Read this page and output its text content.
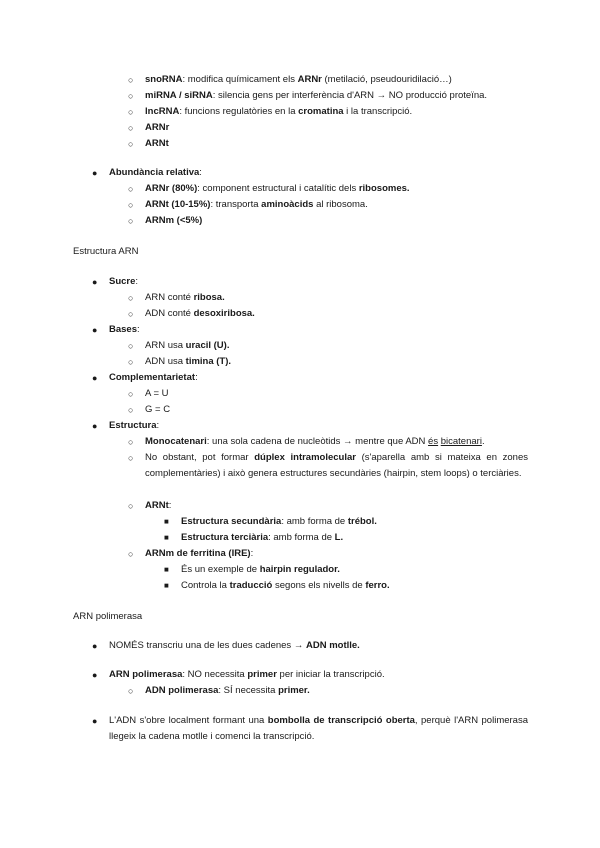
○ snoRNA: modifica químicament els ARNr (metilació, pseudouridilació…)
○ miRNA / siRNA: silencia gens per interferència d'ARN → NO producció proteïna.
○ lncRNA: funcions regulatòries en la cromatina i la transcripció.
○ ARNr
○ ARNt
● Abundància relativa:
○ ARNr (80%): component estructural i catalític dels ribosomes.
○ ARNt (10-15%): transporta aminoàcids al ribosoma.
○ ARNm (<5%)
Estructura ARN
● Sucre:
○ ARN conté ribosa.
○ ADN conté desoxiribosa.
● Bases:
○ ARN usa uracil (U).
○ ADN usa timina (T).
● Complementarietat:
○ A = U
○ G = C
● Estructura:
○ Monocatenari: una sola cadena de nucleòtids → mentre que ADN és bicatenari.
○ No obstant, pot formar dúplex intramolecular (s'aparella amb si mateixa en zones complementàries) i això genera estructures secundàries (hairpin, stem loops) o terciàries.
○ ARNt:
■ Estructura secundària: amb forma de trébol.
■ Estructura terciària: amb forma de L.
○ ARNm de ferritina (IRE):
■ És un exemple de hairpin regulador.
■ Controla la traducció segons els nivells de ferro.
ARN polimerasa
● NOMÉS transcriu una de les dues cadenes → ADN motlle.
● ARN polimerasa: NO necessita primer per iniciar la transcripció.
○ ADN polimerasa: SÍ necessita primer.
● L'ADN s'obre localment formant una bombolla de transcripció oberta, perquè l'ARN polimerasa llegeix la cadena motlle i comenci la transcripció.
